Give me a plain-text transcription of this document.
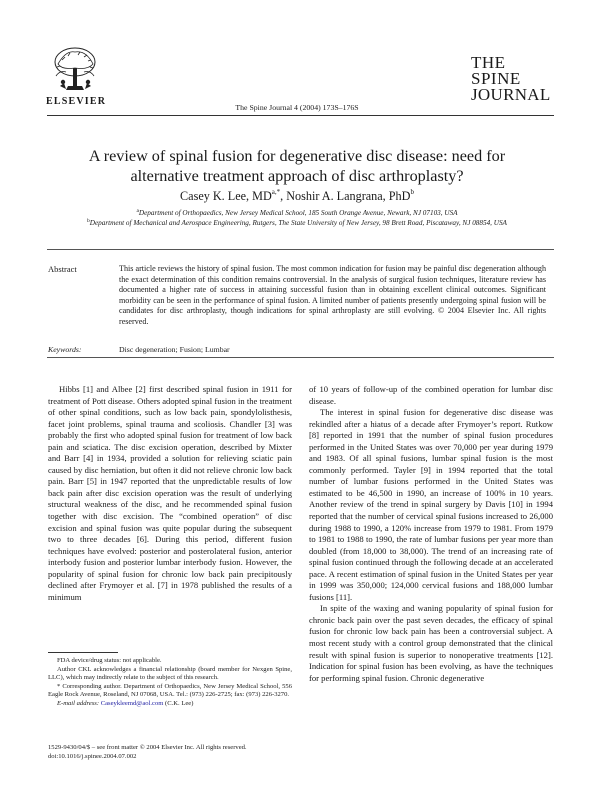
ELSEVIER
The Spine Journal 4 (2004) 173S–176S
THE
SPINE
JOURNAL
A review of spinal fusion for degenerative disc disease: need for alternative treatment approach of disc arthroplasty?
Casey K. Lee, $MD^{a,*}$, Noshir A. Langrana, PhD$^b$
$^a$Department of Orthopaedics, New Jersey Medical School, 185 South Orange Avenue, Newark, NJ 07103, USA
$^b$Department of Mechanical and Aerospace Engineering, Rutgers, The State University of New Jersey, 98 Brett Road, Piscataway, NJ 08854, USA
Abstract	This article reviews the history of spinal fusion. The most common indication for fusion may be painful disc degeneration although the exact determination of this condition remains controversial. In the analysis of surgical fusion techniques, literature review has documented a higher rate of success in attaining successful fusion than in obtaining excellent clinical outcomes. Significant morbidity can be seen in the performance of spinal fusion. A limited number of patients presently undergoing spinal fusion will be candidates for disc arthroplasty, though indications for spinal arthroplasty are still evolving. © 2004 Elsevier Inc. All rights reserved.
Keywords:	Disc degeneration; Fusion; Lumbar

Hibbs [1] and Albee [2] first described spinal fusion in 1911 for treatment of Pott disease. Others adopted spinal fusion in the treatment of other spinal conditions, such as low back pain, spondylolisthesis, facet joint problems, spinal trauma and scoliosis. Chandler [3] was probably the first who adopted spinal fusion for treatment of low back pain and sciatica. The disc excision operation, described by Mixter and Barr [4] in 1934, provided a solution for relieving sciatic pain caused by disc herniation, but often it did not relieve chronic low back pain. Barr [5] in 1947 reported that the unpredictable results of low back pain after disc excision operation was the result of underlying structural weakness of the disc, and he recommended spinal fusion together with disc excision. The “combined operation” of disc excision and spinal fusion was quite popular during the subsequent two to three decades [6]. During this period, different fusion techniques have evolved: posterior and posterolateral fusion, anterior interbody fusion and posterior lumbar interbody fusion. However, the popularity of spinal fusion for chronic low back pain precipitously declined after Frymoyer et al. [7] in 1978 published the results of a minimum

of 10 years of follow-up of the combined operation for lumbar disc disease.

The interest in spinal fusion for degenerative disc disease was rekindled after a hiatus of a decade after Frymoyer’s report. Rutkow [8] reported in 1991 that the number of spinal fusion procedures performed in the United States was over 70,000 per year during 1979 and 1983. Of all spinal fusions, lumbar spinal fusion is the most commonly performed. Tayler [9] in 1994 reported that the total number of lumbar fusions performed in the United States was estimated to be 46,500 in 1990, an increase of 100% in 10 years. Another review of the trend in spinal surgery by Davis [10] in 1994 reported that the number of cervical spinal fusions increased to 26,000 during 1988 to 1990, a 120% increase from 1979 to 1981. From 1979 to 1981 to 1988 to 1990, the rate of lumbar fusions per year more than doubled (from 18,000 to 38,000). The trend of an increasing rate of spinal fusion continued through the following decade at an accelerated pace. A recent estimation of spinal fusion in the United States per year in 1999 was 350,000; 124,000 cervical fusions and 188,000 lumbar fusions [11].

In spite of the waxing and waning popularity of spinal fusion for chronic back pain over the past seven decades, the efficacy of spinal fusion for chronic low back pain has been a controversial subject. A most recent study with a control group demonstrated that the clinical result with spinal fusion is superior to nonoperative treatments [12]. Indication for spinal fusion has been evolving, as have the techniques for performing spinal fusion. Chronic degenerative

FDA device/drug status: not applicable.

Author CKL acknowledges a financial relationship (board member for Nexgen Spine, LLC), which may indirectly relate to the subject of this research.

* Corresponding author. Department of Orthopaedics, New Jersey Medical School, 556 Eagle Rock Avenue, Roseland, NJ 07068, USA. Tel.: (973) 226-2725; fax: (973) 226-3270.

E-mail address: Caseykleemd@aol.com (C.K. Lee)

1529-9430/04/$ – see front matter © 2004 Elsevier Inc. All rights reserved.
doi:10.1016/j.spinee.2004.07.002
